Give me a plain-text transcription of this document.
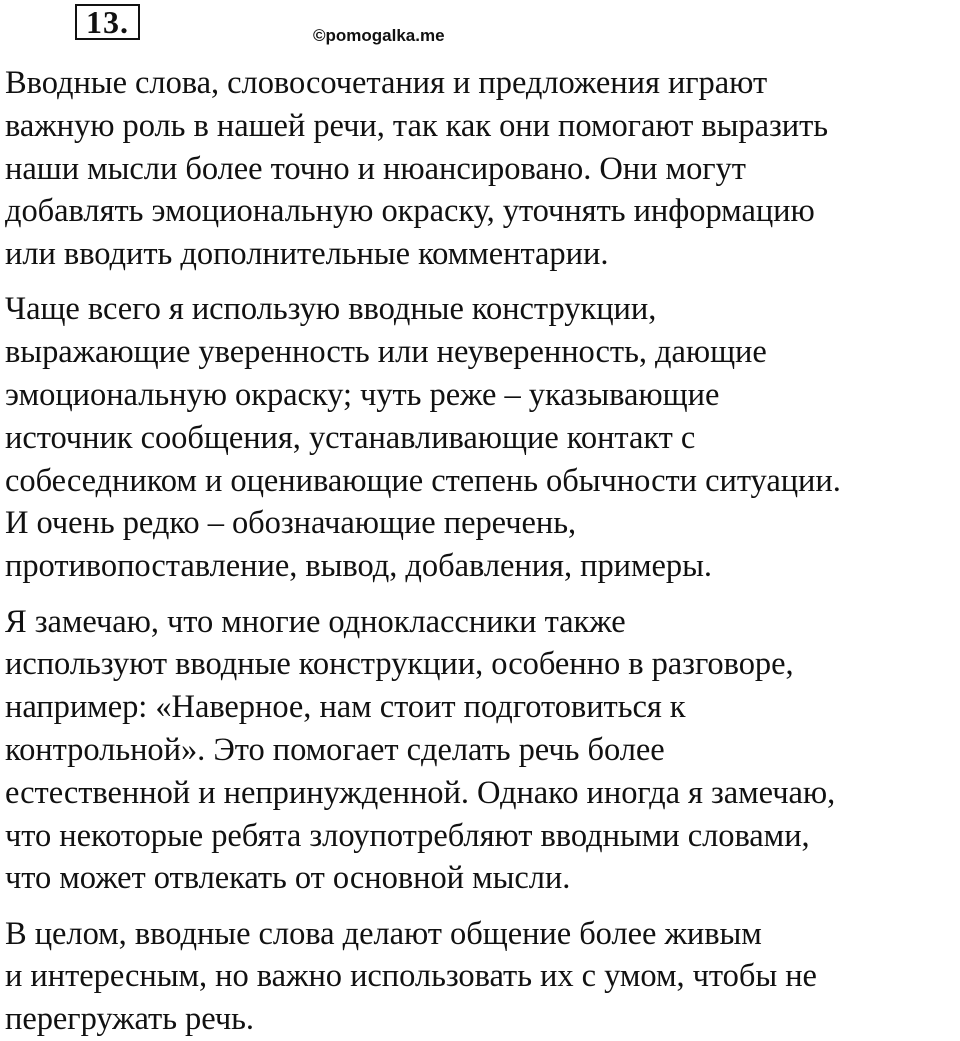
13.	©pomogalka.me

Вводные слова, словосочетания и предложения играют
важную роль в нашей речи, так как они помогают выразить
наши мысли более точно и нюансировано. Они могут
добавлять эмоциональную окраску, уточнять информацию
или вводить дополнительные комментарии.

Чаще всего я использую вводные конструкции,
выражающие уверенность или неуверенность, дающие
эмоциональную окраску; чуть реже – указывающие
источник сообщения, устанавливающие контакт с
собеседником и оценивающие степень обычности ситуации.
И очень редко – обозначающие перечень,
противопоставление, вывод, добавления, примеры.

Я замечаю, что многие одноклассники также
используют вводные конструкции, особенно в разговоре,
например: «Наверное, нам стоит подготовиться к
контрольной». Это помогает сделать речь более
естественной и непринужденной. Однако иногда я замечаю,
что некоторые ребята злоупотребляют вводными словами,
что может отвлекать от основной мысли.

В целом, вводные слова делают общение более живым
и интересным, но важно использовать их с умом, чтобы не
перегружать речь.
